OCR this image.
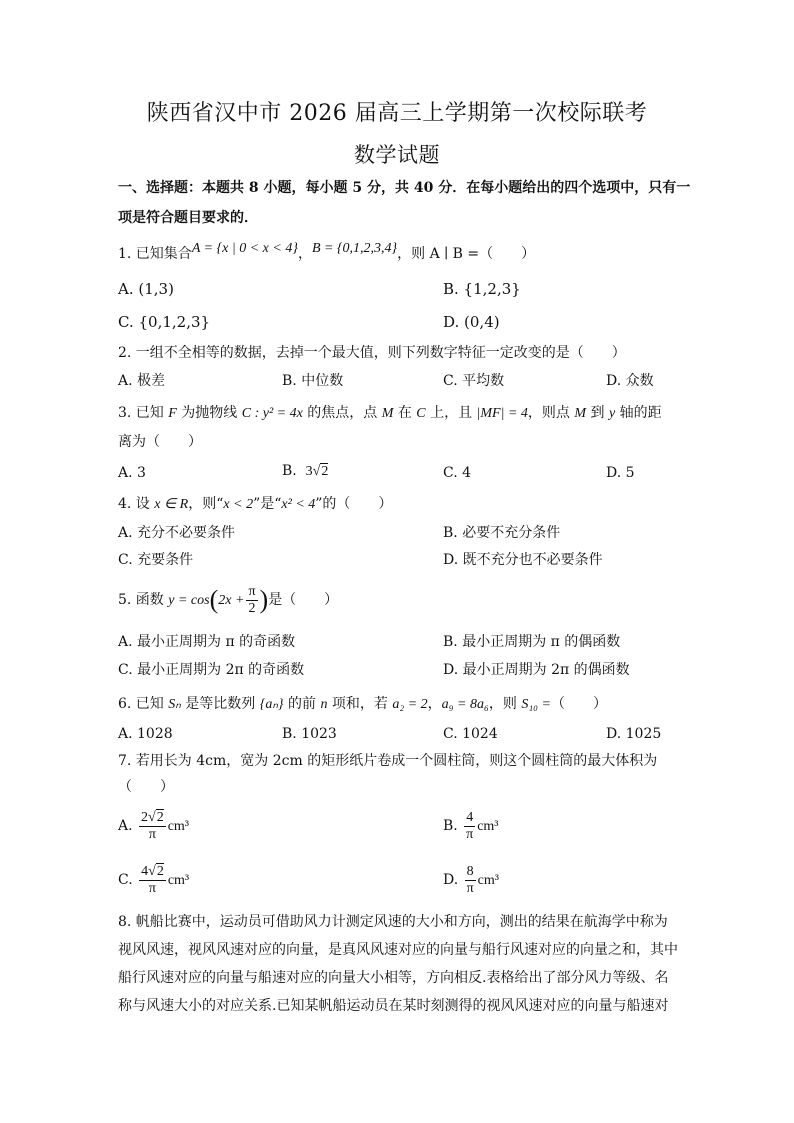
陕西省汉中市 2026 届高三上学期第一次校际联考
数学试题
一、选择题：本题共 8 小题，每小题 5 分，共 40 分．在每小题给出的四个选项中，只有一
项是符合题目要求的．
1. 已知集合A = {x | 0 < x < 4}，B = {0,1,2,3,4}，则 A ∣ B =（　　）
A. (1,3)	B. {1,2,3}
C. {0,1,2,3}	D. (0,4)
2. 一组不全相等的数据，去掉一个最大值，则下列数字特征一定改变的是（　　）
A. 极差	B. 中位数	C. 平均数	D. 众数
3. 已知 F 为抛物线 C : y² = 4x 的焦点，点 M 在 C 上，且 |MF| = 4，则点 M 到 y 轴的距
离为（　　）
A. 3	B. 3√2	C. 4	D. 5
4. 设 x ∈ R，则“x < 2”是“x² < 4”的（　　）
A. 充分不必要条件	B. 必要不充分条件
C. 充要条件	D. 既不充分也不必要条件
5. 函数 $y = \cos(2x + \frac{\pi}{2}$ )是（　　）
A. 最小正周期为 π 的奇函数	B. 最小正周期为 π 的偶函数
C. 最小正周期为 2π 的奇函数	D. 最小正周期为 2π 的偶函数
6. 已知 Sₙ 是等比数列 {aₙ} 的前 n 项和，若 a₂ = 2，a₉ = 8a₆，则 S₁₀ =（　　）
A. 1028	B. 1023	C. 1024	D. 1025
7. 若用长为 4cm，宽为 2cm 的矩形纸片卷成一个圆柱筒，则这个圆柱筒的最大体积为
（　　）
A. $\frac{2√2}{\pi} cm^3$	B. $\frac{4}{\pi} cm^3$
C. $\frac{4√2}{\pi} cm^3$	D. $\frac{8}{\pi} cm^3$
8. 帆船比赛中，运动员可借助风力计测定风速的大小和方向，测出的结果在航海学中称为
视风风速，视风风速对应的向量，是真风风速对应的向量与船行风速对应的向量之和，其中
船行风速对应的向量与船速对应的向量大小相等，方向相反.表格给出了部分风力等级、名
称与风速大小的对应关系.已知某帆船运动员在某时刻测得的视风风速对应的向量与船速对
